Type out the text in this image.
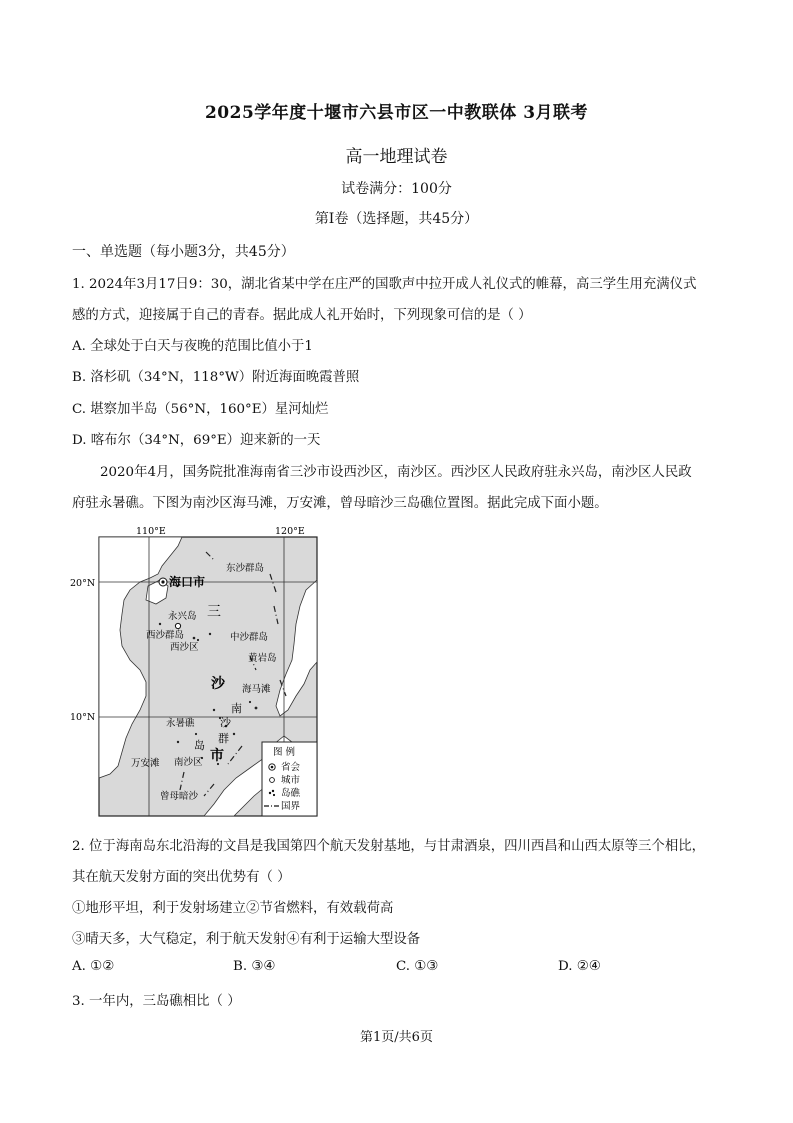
2025学年度十堰市六县市区一中教联体 3月联考
高一地理试卷
试卷满分：100分
第Ⅰ卷（选择题，共45分）
一、单选题（每小题3分，共45分）
1. 2024年3月17日9：30，湖北省某中学在庄严的国歌声中拉开成人礼仪式的帷幕，高三学生用充满仪式
感的方式，迎接属于自己的青春。据此成人礼开始时，下列现象可信的是（ ）
A. 全球处于白天与夜晚的范围比值小于1
B. 洛杉矶（34°N，118°W）附近海面晚霞普照
C. 堪察加半岛（56°N，160°E）星河灿烂
D. 喀布尔（34°N，69°E）迎来新的一天
2020年4月，国务院批准海南省三沙市设西沙区，南沙区。西沙区人民政府驻永兴岛，南沙区人民政
府驻永暑礁。下图为南沙区海马滩，万安滩，曾母暗沙三岛礁位置图。据此完成下面小题。
110°E	120°E
20°N
10°N
海口市
东沙群岛
永兴岛
西沙群岛
西沙区
中沙群岛
黄岩岛
海马滩
永暑礁
万安滩 南沙区
曾母暗沙
三
沙
南
沙
群
岛
市	图 例
省会
城市
岛礁
国界
2. 位于海南岛东北沿海的文昌是我国第四个航天发射基地，与甘肃酒泉，四川西昌和山西太原等三个相比，
其在航天发射方面的突出优势有（ ）
①地形平坦，利于发射场建立②节省燃料，有效载荷高
③晴天多，大气稳定，利于航天发射④有利于运输大型设备
A. ①②	B. ③④	C. ①③	D. ②④
3. 一年内，三岛礁相比（ ）
第1页/共6页
